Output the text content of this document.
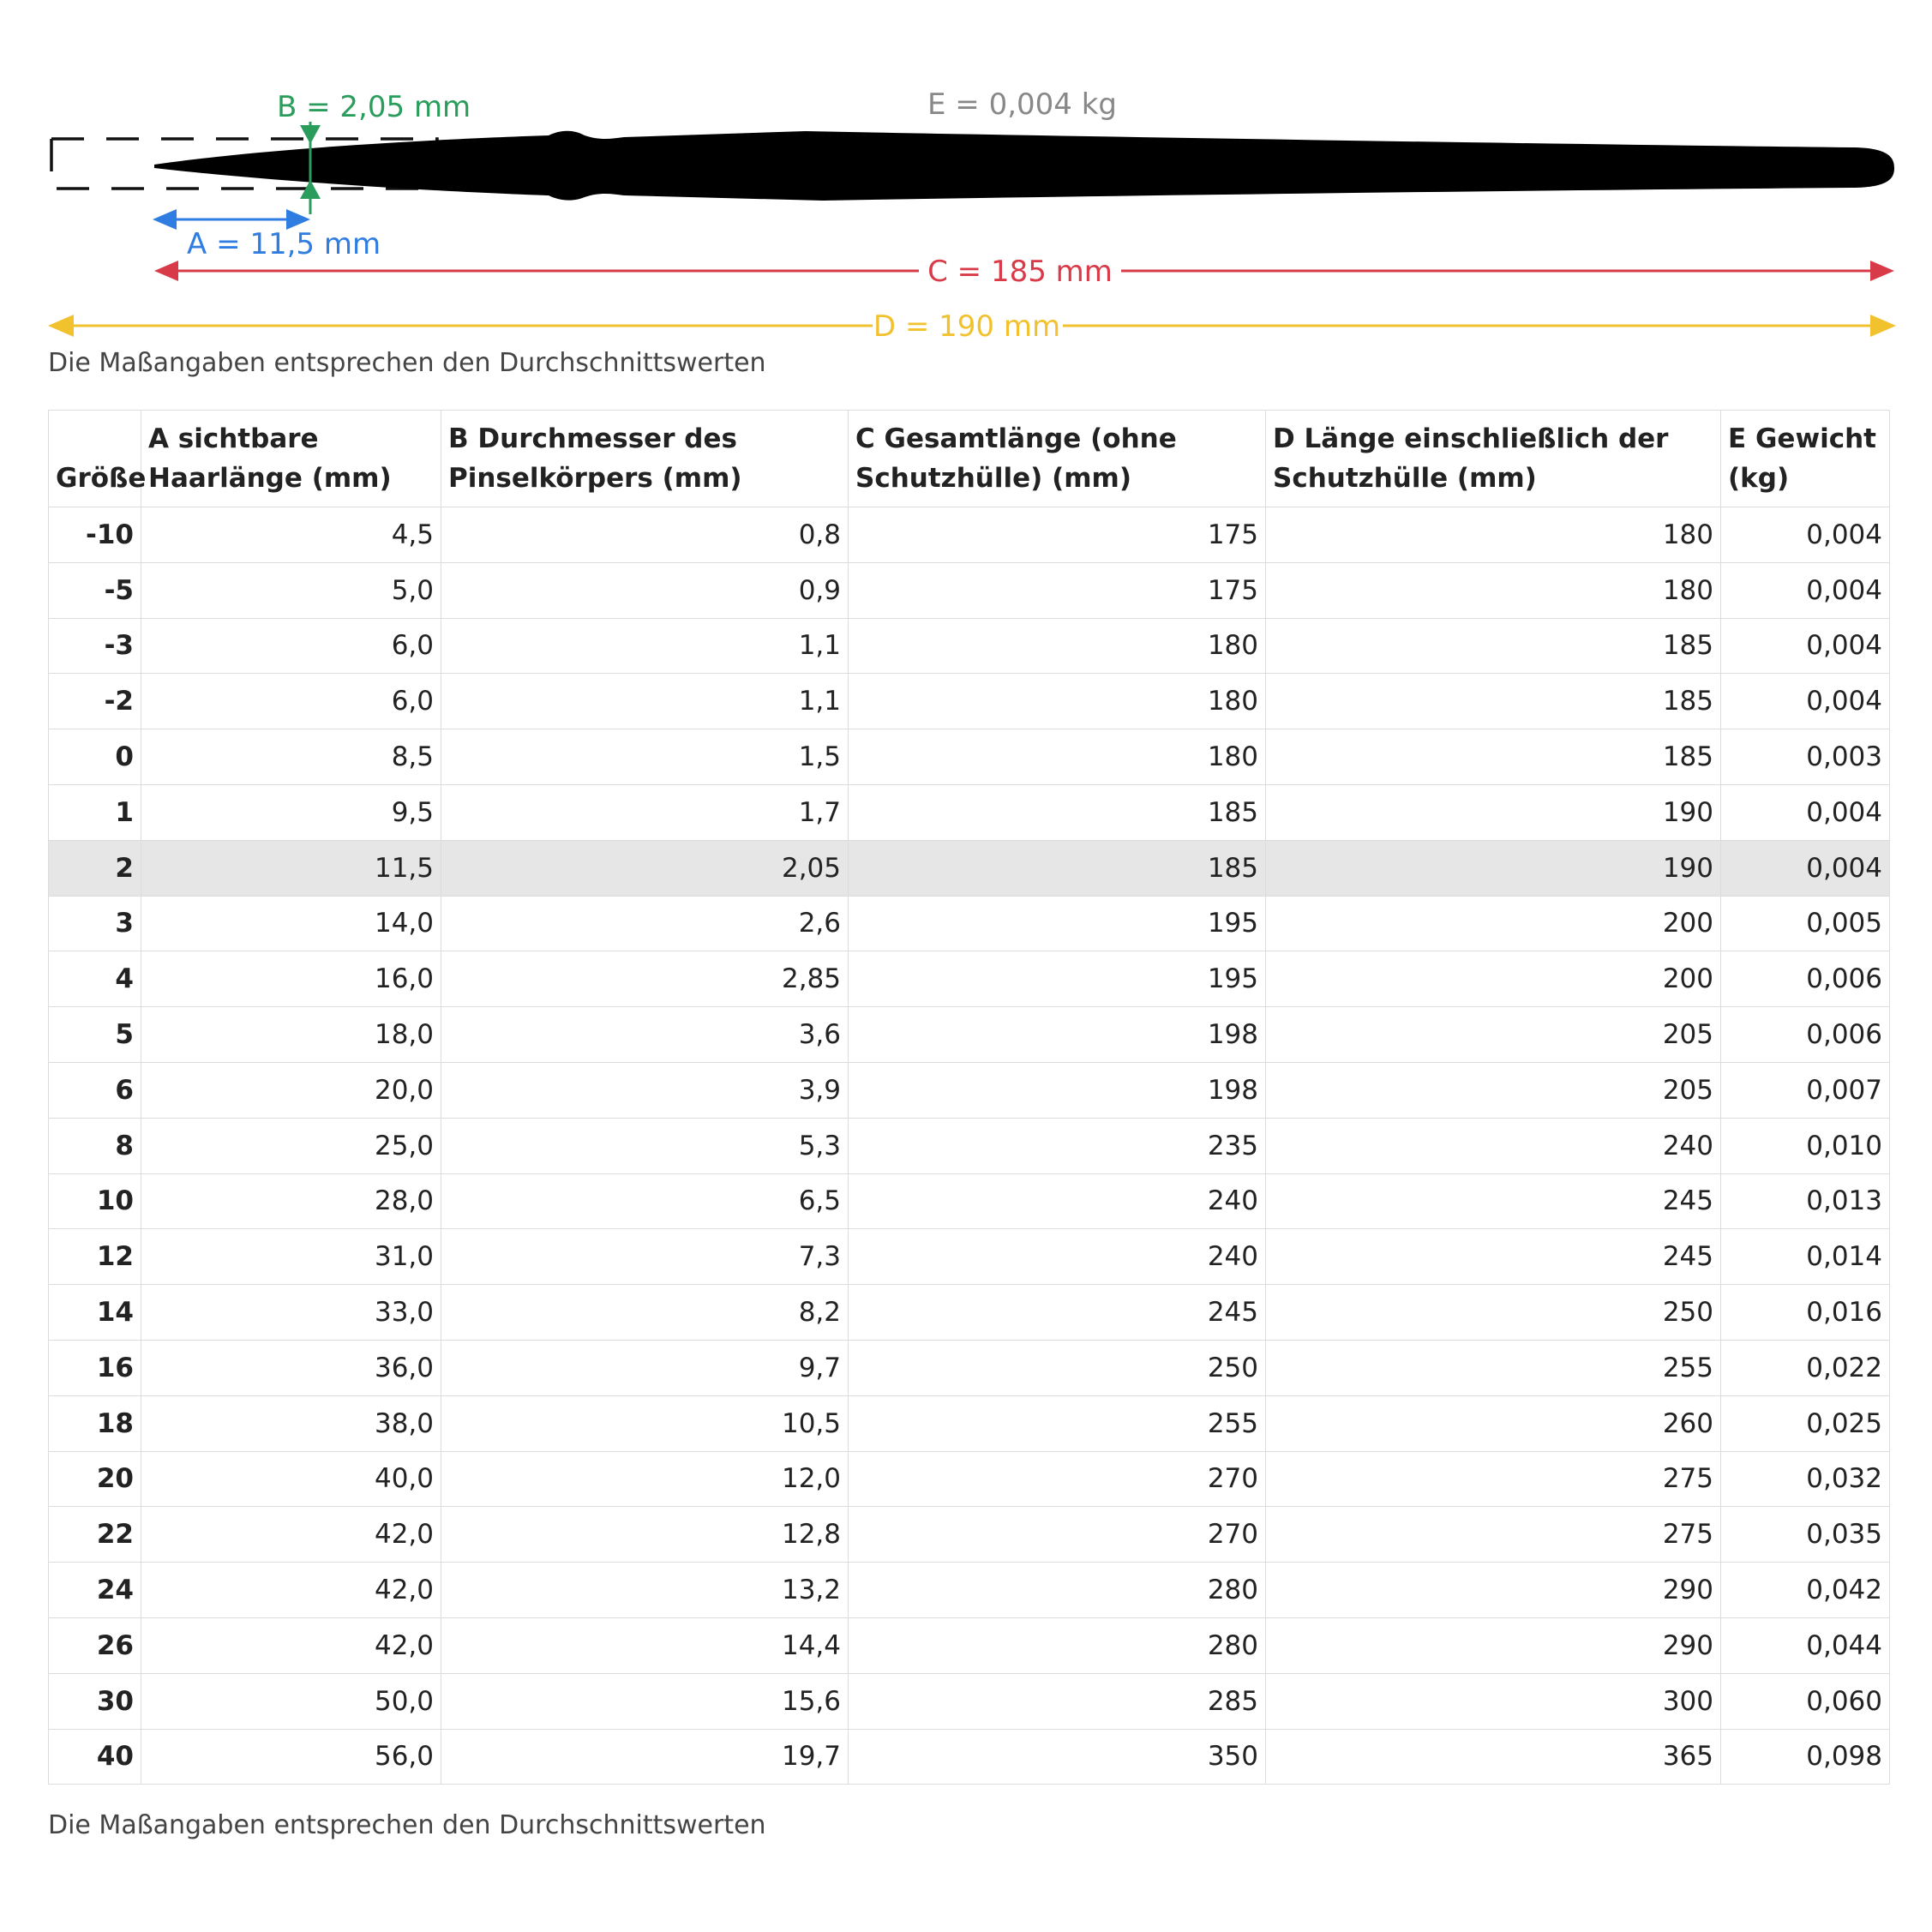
B = 2,05 mm	E = 0,004 kg
A = 11,5 mm
C = 185 mm
D = 190 mm
Die Maßangaben entsprechen den Durchschnittswerten
Größe	A sichtbare Haarlänge (mm)	B Durchmesser des Pinselkörpers (mm)	C Gesamtlänge (ohne Schutzhülle) (mm)	D Länge einschließlich der Schutzhülle (mm)	E Gewicht (kg)
-10	4,5	0,8	175	180	0,004
-5	5,0	0,9	175	180	0,004
-3	6,0	1,1	180	185	0,004
-2	6,0	1,1	180	185	0,004
0	8,5	1,5	180	185	0,003
1	9,5	1,7	185	190	0,004
2	11,5	2,05	185	190	0,004
3	14,0	2,6	195	200	0,005
4	16,0	2,85	195	200	0,006
5	18,0	3,6	198	205	0,006
6	20,0	3,9	198	205	0,007
8	25,0	5,3	235	240	0,010
10	28,0	6,5	240	245	0,013
12	31,0	7,3	240	245	0,014
14	33,0	8,2	245	250	0,016
16	36,0	9,7	250	255	0,022
18	38,0	10,5	255	260	0,025
20	40,0	12,0	270	275	0,032
22	42,0	12,8	270	275	0,035
24	42,0	13,2	280	290	0,042
26	42,0	14,4	280	290	0,044
30	50,0	15,6	285	300	0,060
40	56,0	19,7	350	365	0,098
Die Maßangaben entsprechen den Durchschnittswerten
